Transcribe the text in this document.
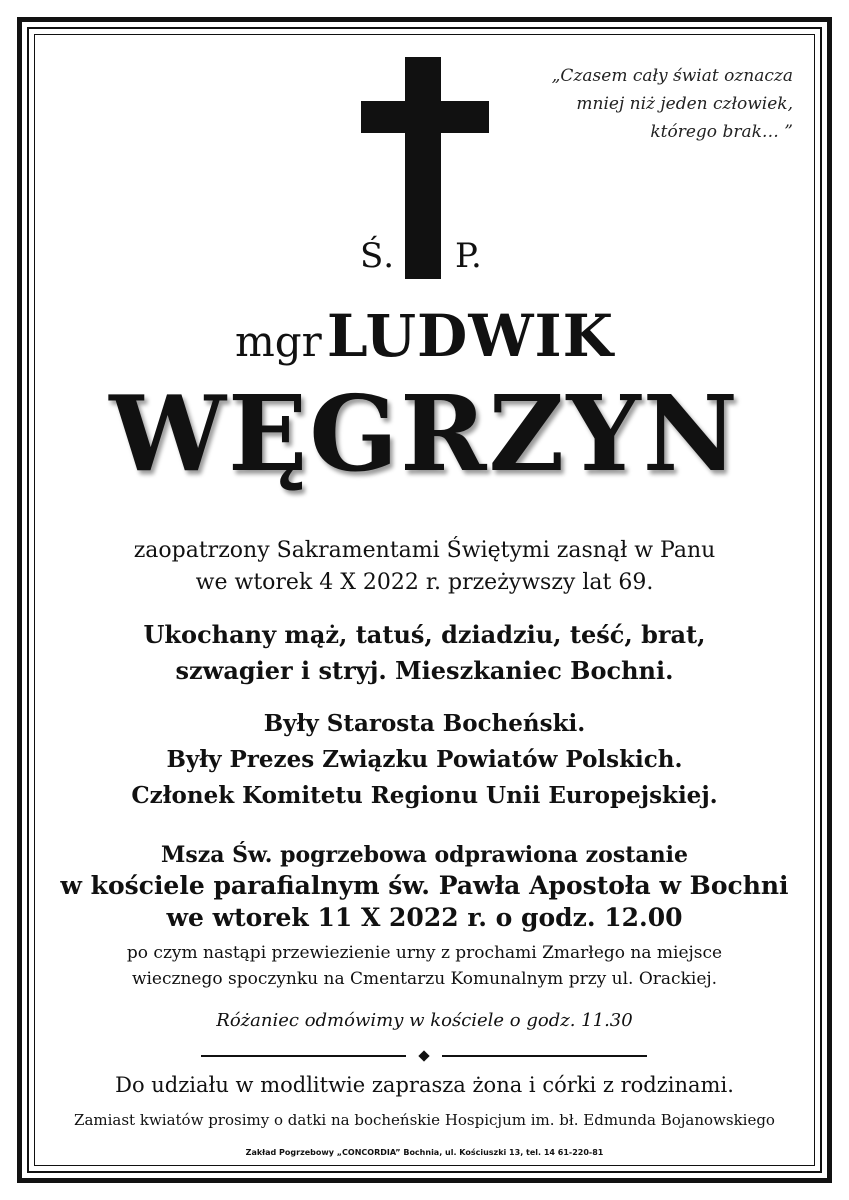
„Czasem cały świat oznacza
mniej niż jeden człowiek,
którego brak… ”
Ś. P.
mgr LUDWIK
WĘGRZYN
zaopatrzony Sakramentami Świętymi zasnął w Panu
we wtorek 4 X 2022 r. przeżywszy lat 69.
Ukochany mąż, tatuś, dziadziu, teść, brat,
szwagier i stryj. Mieszkaniec Bochni.
Były Starosta Bocheński.
Były Prezes Związku Powiatów Polskich.
Członek Komitetu Regionu Unii Europejskiej.
Msza Św. pogrzebowa odprawiona zostanie
w kościele parafialnym św. Pawła Apostoła w Bochni
we wtorek 11 X 2022 r. o godz. 12.00
po czym nastąpi przewiezienie urny z prochami Zmarłego na miejsce
wiecznego spoczynku na Cmentarzu Komunalnym przy ul. Orackiej.
Różaniec odmówimy w kościele o godz. 11.30
Do udziału w modlitwie zaprasza żona i córki z rodzinami.
Zamiast kwiatów prosimy o datki na bocheńskie Hospicjum im. bł. Edmunda Bojanowskiego
Zakład Pogrzebowy „CONCORDIA” Bochnia, ul. Kościuszki 13, tel. 14 61-220-81
